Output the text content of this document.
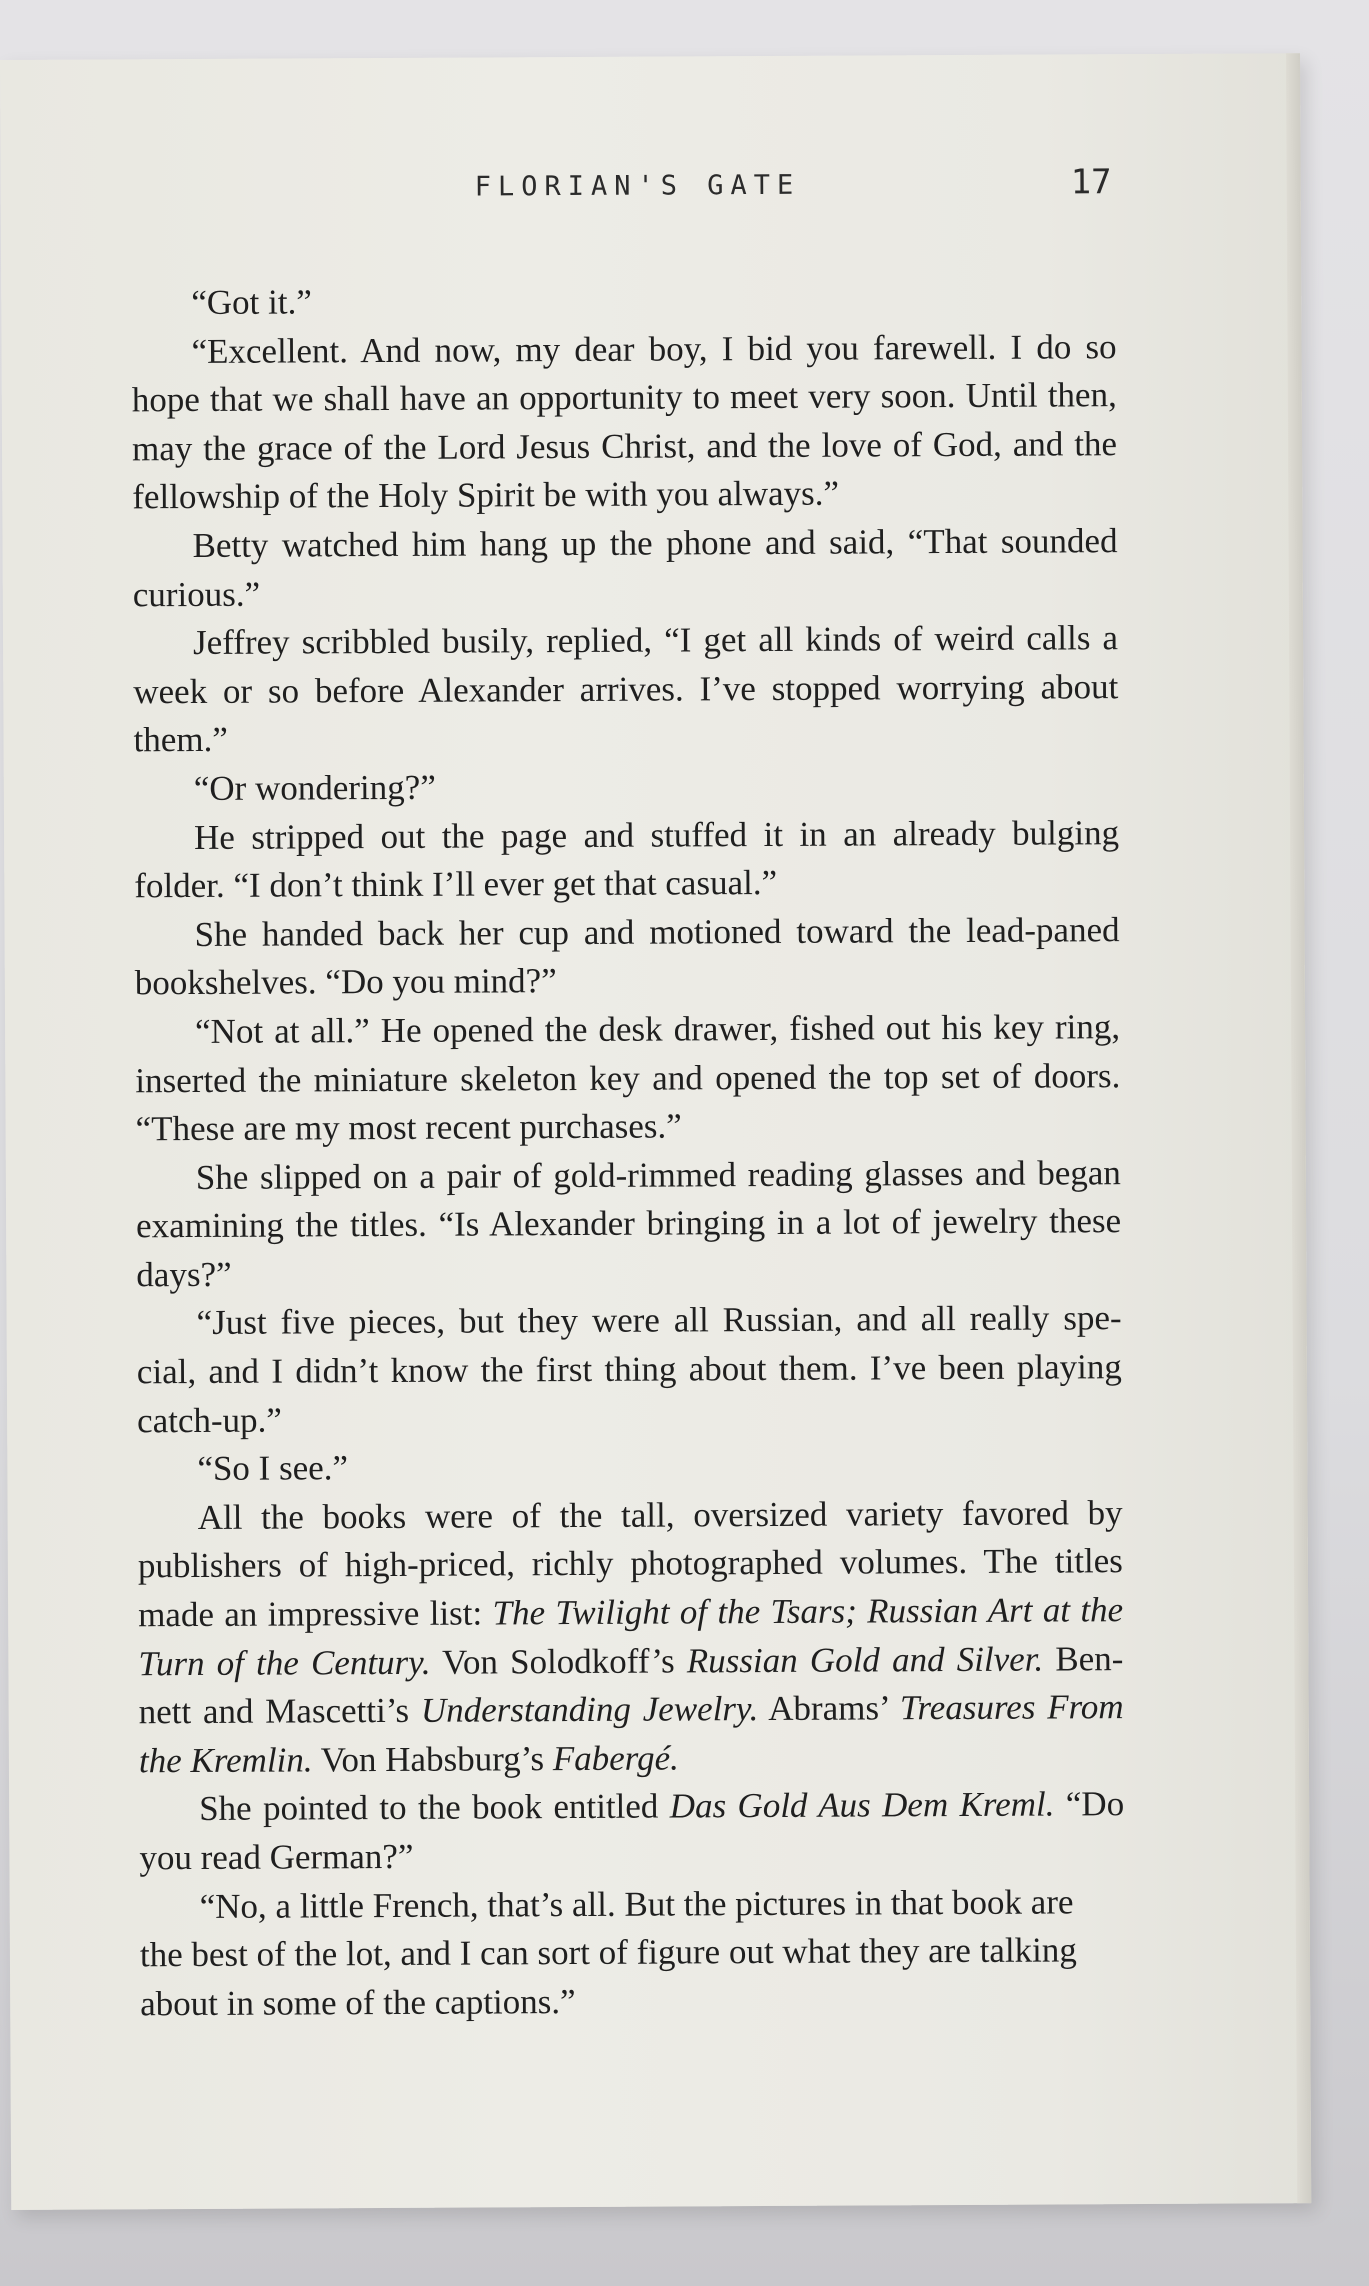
FLORIAN'S GATE	17

“Got it.”

“Excellent. And now, my dear boy, I bid you farewell. I do so hope that we shall have an opportunity to meet very soon. Until then, may the grace of the Lord Jesus Christ, and the love of God, and the fellowship of the Holy Spirit be with you always.”

Betty watched him hang up the phone and said, “That sounded curious.”

Jeffrey scribbled busily, replied, “I get all kinds of weird calls a week or so before Alexander arrives. I’ve stopped worrying about them.”

“Or wondering?”

He stripped out the page and stuffed it in an already bulging folder. “I don’t think I’ll ever get that casual.”

She handed back her cup and motioned toward the lead-paned bookshelves. “Do you mind?”

“Not at all.” He opened the desk drawer, fished out his key ring, inserted the miniature skeleton key and opened the top set of doors. “These are my most recent purchases.”

She slipped on a pair of gold-rimmed reading glasses and began examining the titles. “Is Alexander bringing in a lot of jewelry these days?”

“Just five pieces, but they were all Russian, and all really spe-cial, and I didn’t know the first thing about them. I’ve been playing catch-up.”

“So I see.”

All the books were of the tall, oversized variety favored by publishers of high-priced, richly photographed volumes. The titles made an impressive list: The Twilight of the Tsars; Russian Art at the Turn of the Century. Von Solodkoff’s Russian Gold and Silver. Ben-nett and Mascetti’s Understanding Jewelry. Abrams’ Treasures From the Kremlin. Von Habsburg’s Fabergé.

She pointed to the book entitled Das Gold Aus Dem Kreml. “Do you read German?”

“No, a little French, that’s all. But the pictures in that book are the best of the lot, and I can sort of figure out what they are talking about in some of the captions.”
